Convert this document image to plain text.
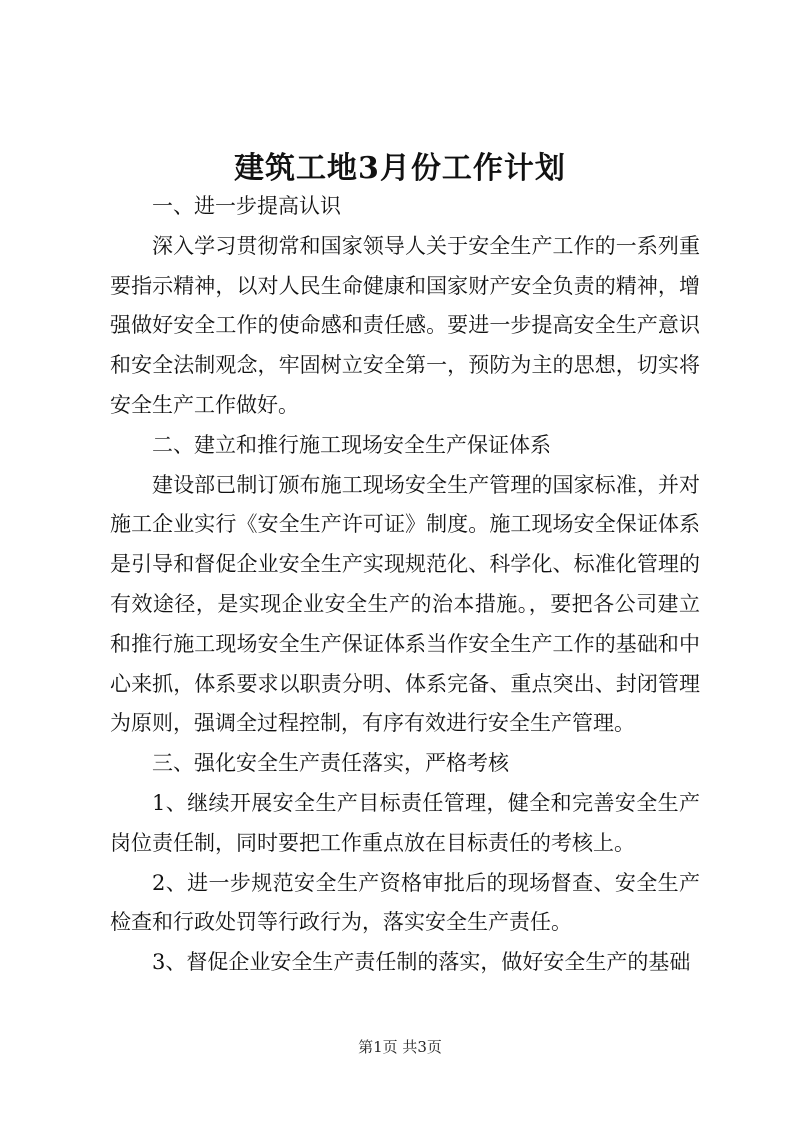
建筑工地3月份工作计划

一、进一步提高认识

深入学习贯彻常和国家领导人关于安全生产工作的一系列重要指示精神，以对人民生命健康和国家财产安全负责的精神，增强做好安全工作的使命感和责任感。要进一步提高安全生产意识和安全法制观念，牢固树立安全第一，预防为主的思想，切实将安全生产工作做好。

二、建立和推行施工现场安全生产保证体系

建设部已制订颁布施工现场安全生产管理的国家标准，并对施工企业实行《安全生产许可证》制度。施工现场安全保证体系是引导和督促企业安全生产实现规范化、科学化、标准化管理的有效途径，是实现企业安全生产的治本措施。，要把各公司建立和推行施工现场安全生产保证体系当作安全生产工作的基础和中心来抓，体系要求以职责分明、体系完备、重点突出、封闭管理为原则，强调全过程控制，有序有效进行安全生产管理。

三、强化安全生产责任落实，严格考核

1、继续开展安全生产目标责任管理，健全和完善安全生产岗位责任制，同时要把工作重点放在目标责任的考核上。

2、进一步规范安全生产资格审批后的现场督查、安全生产检查和行政处罚等行政行为，落实安全生产责任。

3、督促企业安全生产责任制的落实，做好安全生产的基础

第1页 共3页
